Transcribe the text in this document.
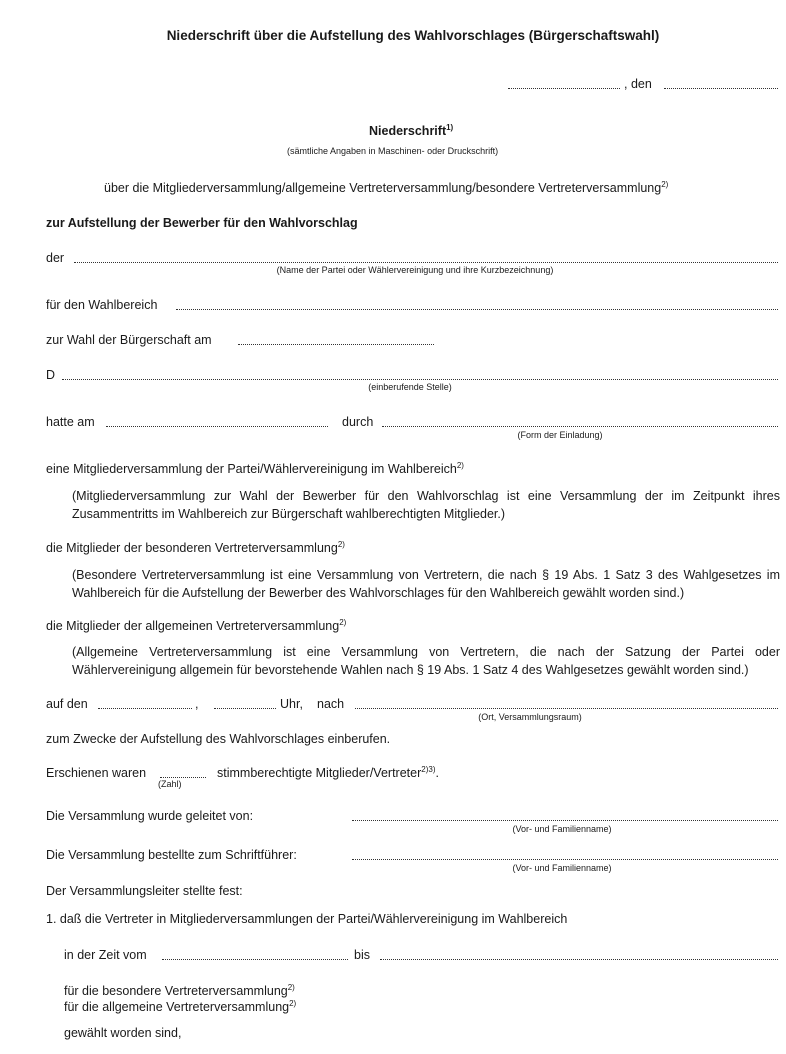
Niederschrift über die Aufstellung des Wahlvorschlages (Bürgerschaftswahl)
, den
Niederschrift$^{1)}$
(sämtliche Angaben in Maschinen- oder Druckschrift)
über die Mitgliederversammlung/allgemeine Vertreterversammlung/besondere Vertreterversammlung$^{2)}$
zur Aufstellung der Bewerber für den Wahlvorschlag
der
(Name der Partei oder Wählervereinigung und ihre Kurzbezeichnung)
für den Wahlbereich
zur Wahl der Bürgerschaft am
D
(einberufende Stelle)
hatte am	durch
(Form der Einladung)
eine Mitgliederversammlung der Partei/Wählervereinigung im Wahlbereich$^{2)}$
(Mitgliederversammlung zur Wahl der Bewerber für den Wahlvorschlag ist eine Versammlung der im Zeitpunkt ihres Zusammentritts im Wahlbereich zur Bürgerschaft wahlberechtigten Mitglieder.)
die Mitglieder der besonderen Vertreterversammlung$^{2)}$
(Besondere Vertreterversammlung ist eine Versammlung von Vertretern, die nach § 19 Abs. 1 Satz 3 des Wahlgesetzes im Wahlbereich für die Aufstellung der Bewerber des Wahlvorschlages für den Wahlbereich gewählt worden sind.)
die Mitglieder der allgemeinen Vertreterversammlung$^{2)}$
(Allgemeine Vertreterversammlung ist eine Versammlung von Vertretern, die nach der Satzung der Partei oder Wählervereinigung allgemein für bevorstehende Wahlen nach § 19 Abs. 1 Satz 4 des Wahlgesetzes gewählt worden sind.)
auf den	,	Uhr, nach
(Ort, Versammlungsraum)
zum Zwecke der Aufstellung des Wahlvorschlages einberufen.
Erschienen waren
(Zahl)
stimmberechtigte Mitglieder/Vertreter$^{2)3)}$.
Die Versammlung wurde geleitet von:
(Vor- und Familienname)
Die Versammlung bestellte zum Schriftführer:
(Vor- und Familienname)
Der Versammlungsleiter stellte fest:
1. daß die Vertreter in Mitgliederversammlungen der Partei/Wählervereinigung im Wahlbereich
in der Zeit vom	bis
für die besondere Vertreterversammlung$^{2)}$
für die allgemeine Vertreterversammlung$^{2)}$
gewählt worden sind,
